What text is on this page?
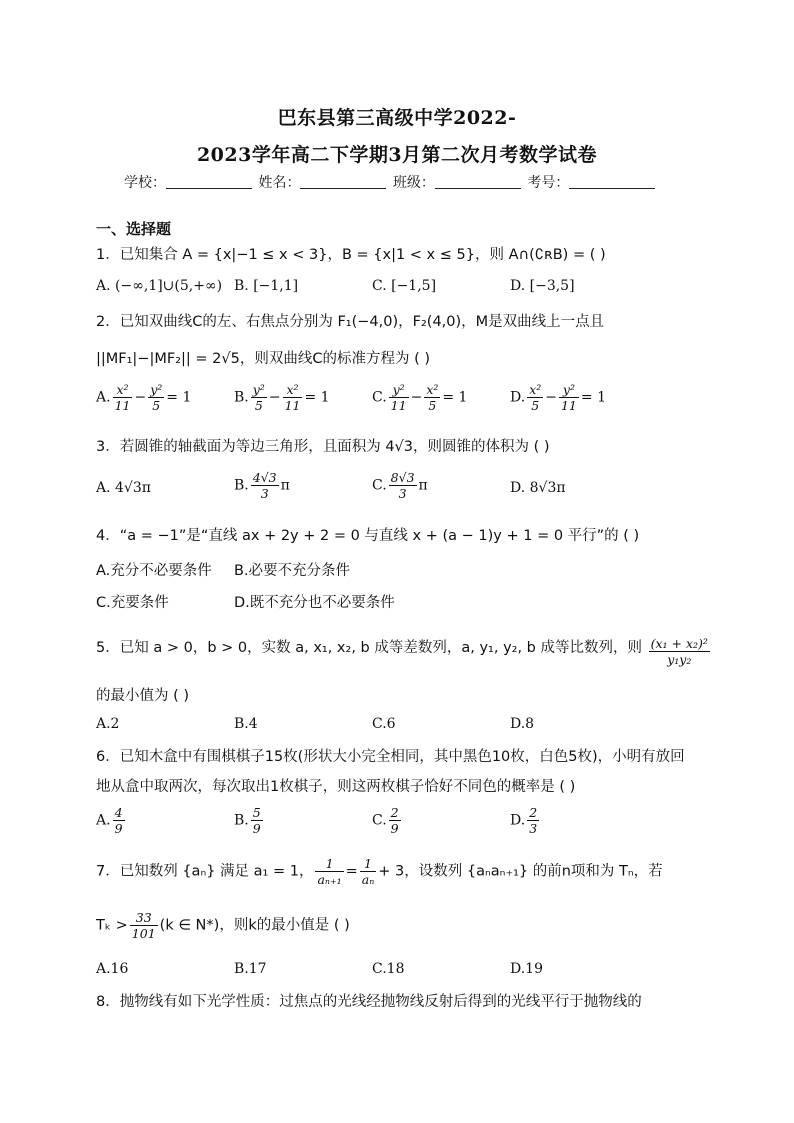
巴东县第三高级中学2022-
2023学年高二下学期3月第二次月考数学试卷
学校：	姓名：	班级：	考号：
一、选择题
1．已知集合 A = {x|−1 ≤ x < 3}，B = {x|1 < x ≤ 5}，则 A∩(∁ʀB) = ( )
A. (−∞,1]∪(5,+∞) B. [−1,1]	C. [−1,5]	D. [−3,5]
2．已知双曲线C的左、右焦点分别为 F₁(−4,0)，F₂(4,0)，M是双曲线上一点且
||MF₁|−|MF₂|| = 2√5，则双曲线C的标准方程为 ( )
A. $\frac{\text{x²}}{11} - \frac{\text{y²}}{5} = 1$	B. $\frac{\text{y²}}{5} - \frac{\text{x²}}{11} = 1$	C. $\frac{\text{y²}}{11} - \frac{\text{x²}}{5} = 1$	D. $\frac{\text{x²}}{5} - \frac{\text{y²}}{11} = 1$
3．若圆锥的轴截面为等边三角形，且面积为 4√3，则圆锥的体积为 ( )
A. 4√3π	B. $\frac{4√3}{3}$ π	C. $\frac{8√3}{3}$ π	D. 8√3π
4．“a = −1”是“直线 ax + 2y + 2 = 0 与直线 x + (a − 1)y + 1 = 0 平行”的 ( )
A.充分不必要条件 B.必要不充分条件
C.充要条件	D.既不充分也不必要条件
5．已知 a > 0，b > 0，实数 a, x₁, x₂, b 成等差数列，a, y₁, y₂, b 成等比数列，则 $\frac{\text{(x₁ + x₂)²}}{\text{y₁y₂}}$
的最小值为 ( )
A.2	B.4	C.6	D.8
6．已知木盒中有围棋棋子15枚(形状大小完全相同，其中黑色10枚，白色5枚)，小明有放回
地从盒中取两次，每次取出1枚棋子，则这两枚棋子恰好不同色的概率是 ( )
A. $\frac{4}{9}$	B. $\frac{5}{9}$	C. $\frac{2}{9}$	D. $\frac{2}{3}$
7．已知数列 {aₙ} 满足 a₁ = 1， $\frac{1}{\text{aₙ₊₁}} = \frac{1}{\text{aₙ}} + 3$，设数列 {aₙaₙ₊₁} 的前n项和为 Tₙ，若
$T_k > \frac{33}{101} (k$ ∈ N*)，则k的最小值是 ( )
A.16	B.17	C.18	D.19
8．抛物线有如下光学性质：过焦点的光线经抛物线反射后得到的光线平行于抛物线的
